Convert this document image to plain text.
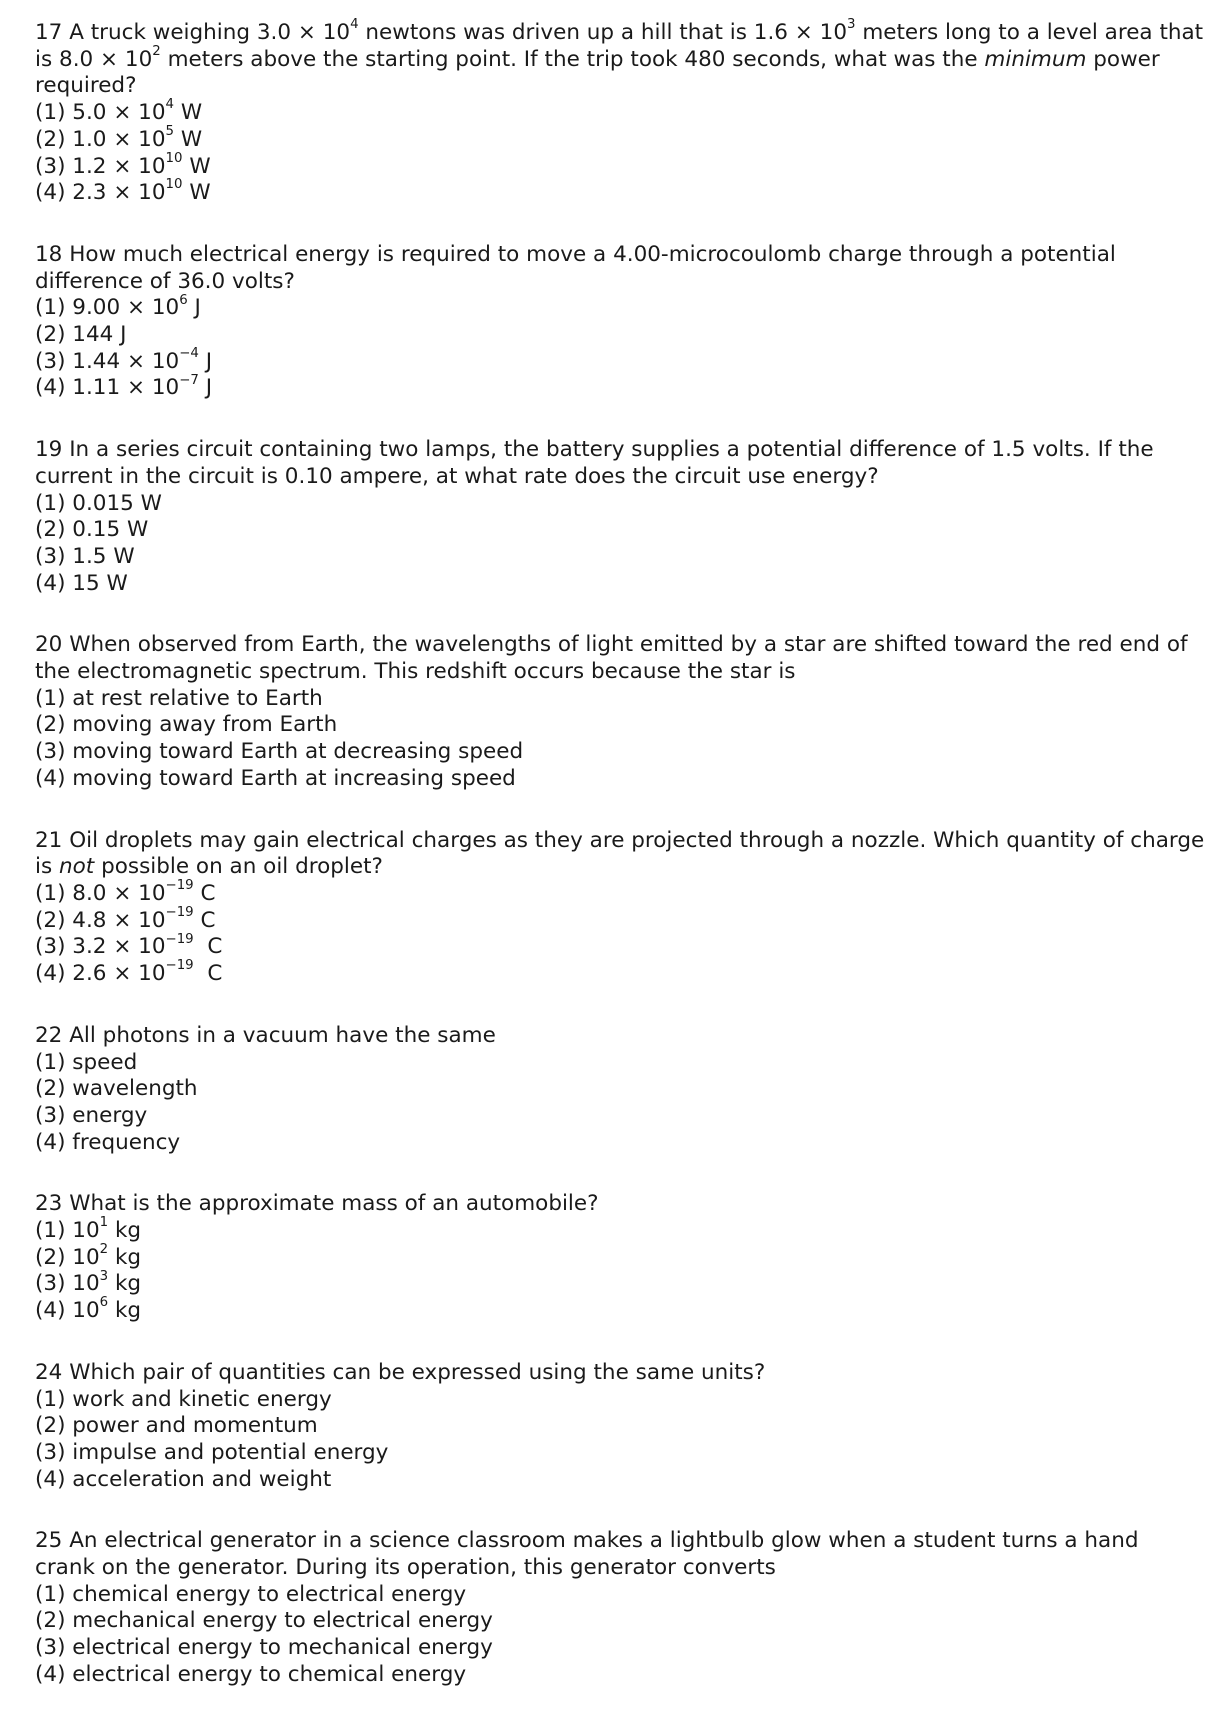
17 A truck weighing $3.0 \times 10^4$ newtons was driven up a hill that is $1.6 \times 10^3$ meters long to a level area that is $8.0 \times 10^2$ meters above the starting point. If the trip took 480 seconds, what was the minimum power required?

(1) $5.0 \times 10^4$ W

(2) $1.0 \times 10^5$ W

(3) $1.2 \times 10^{10}$ W

(4) $2.3 \times 10^{10}$ W

18 How much electrical energy is required to move a 4.00-microcoulomb charge through a potential difference of 36.0 volts?

(1) $9.00 \times 10^6$ J

(2) 144 J

(3) $1.44 \times 10^{-4}$ J

(4) $1.11 \times 10^{-7}$ J

19 In a series circuit containing two lamps, the battery supplies a potential difference of 1.5 volts. If the current in the circuit is 0.10 ampere, at what rate does the circuit use energy?

(1) 0.015 W

(2) 0.15 W

(3) 1.5 W

(4) 15 W

20 When observed from Earth, the wavelengths of light emitted by a star are shifted toward the red end of the electromagnetic spectrum. This redshift occurs because the star is

(1) at rest relative to Earth

(2) moving away from Earth

(3) moving toward Earth at decreasing speed

(4) moving toward Earth at increasing speed

21 Oil droplets may gain electrical charges as they are projected through a nozzle. Which quantity of charge is not possible on an oil droplet?

(1) $8.0 \times 10^{-19}$ C

(2) $4.8 \times 10^{-19}$ C

(3) $3.2 \times 10^{-19}$  C

(4) $2.6 \times 10^{-19}$  C

22 All photons in a vacuum have the same

(1) speed

(2) wavelength

(3) energy

(4) frequency

23 What is the approximate mass of an automobile?

(1) $10^1$ kg

(2) $10^2$ kg

(3) $10^3$ kg

(4) $10^6$ kg

24 Which pair of quantities can be expressed using the same units?

(1) work and kinetic energy

(2) power and momentum

(3) impulse and potential energy

(4) acceleration and weight

25 An electrical generator in a science classroom makes a lightbulb glow when a student turns a hand crank on the generator. During its operation, this generator converts

(1) chemical energy to electrical energy

(2) mechanical energy to electrical energy

(3) electrical energy to mechanical energy

(4) electrical energy to chemical energy
